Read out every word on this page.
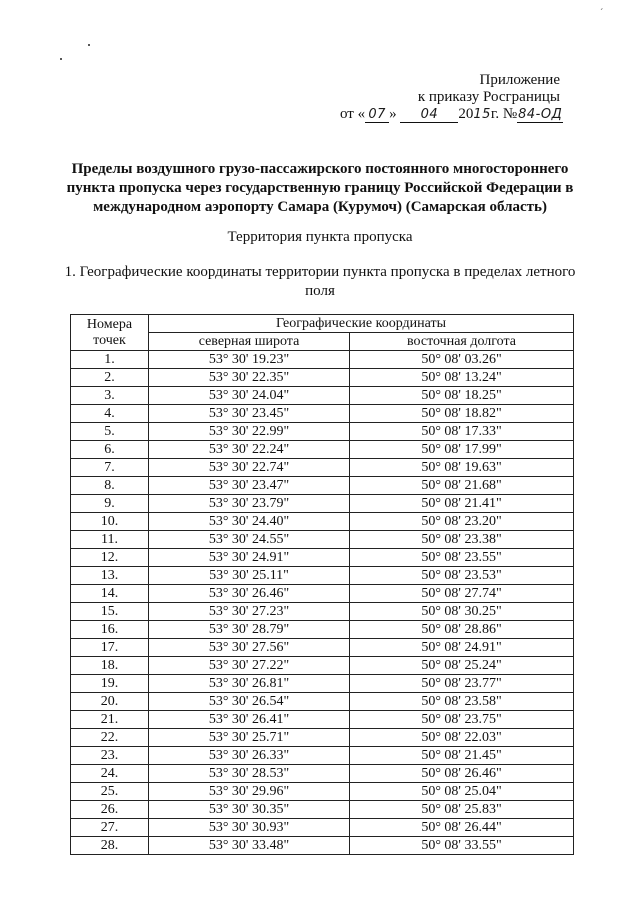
ˊ
Приложение
к приказу Росграницы
от « 07 » 04 2015г. №84-ОД
Пределы воздушного грузо-пассажирского постоянного многостороннего пункта пропуска через государственную границу Российской Федерации в международном аэропорту Самара (Курумоч) (Самарская область)
Территория пункта пропуска
1. Географические координаты территории пункта пропуска в пределах летного поля
Номера точек	Географические координаты	
	северная широта	восточная долгота
1.	53° 30' 19.23"	50° 08' 03.26"
2.	53° 30' 22.35"	50° 08' 13.24"
3.	53° 30' 24.04"	50° 08' 18.25"
4.	53° 30' 23.45"	50° 08' 18.82"
5.	53° 30' 22.99"	50° 08' 17.33"
6.	53° 30' 22.24"	50° 08' 17.99"
7.	53° 30' 22.74"	50° 08' 19.63"
8.	53° 30' 23.47"	50° 08' 21.68"
9.	53° 30' 23.79"	50° 08' 21.41"
10.	53° 30' 24.40"	50° 08' 23.20"
11.	53° 30' 24.55"	50° 08' 23.38"
12.	53° 30' 24.91"	50° 08' 23.55"
13.	53° 30' 25.11"	50° 08' 23.53"
14.	53° 30' 26.46"	50° 08' 27.74"
15.	53° 30' 27.23"	50° 08' 30.25"
16.	53° 30' 28.79"	50° 08' 28.86"
17.	53° 30' 27.56"	50° 08' 24.91"
18.	53° 30' 27.22"	50° 08' 25.24"
19.	53° 30' 26.81"	50° 08' 23.77"
20.	53° 30' 26.54"	50° 08' 23.58"
21.	53° 30' 26.41"	50° 08' 23.75"
22.	53° 30' 25.71"	50° 08' 22.03"
23.	53° 30' 26.33"	50° 08' 21.45"
24.	53° 30' 28.53"	50° 08' 26.46"
25.	53° 30' 29.96"	50° 08' 25.04"
26.	53° 30' 30.35"	50° 08' 25.83"
27.	53° 30' 30.93"	50° 08' 26.44"
28.	53° 30' 33.48"	50° 08' 33.55"
